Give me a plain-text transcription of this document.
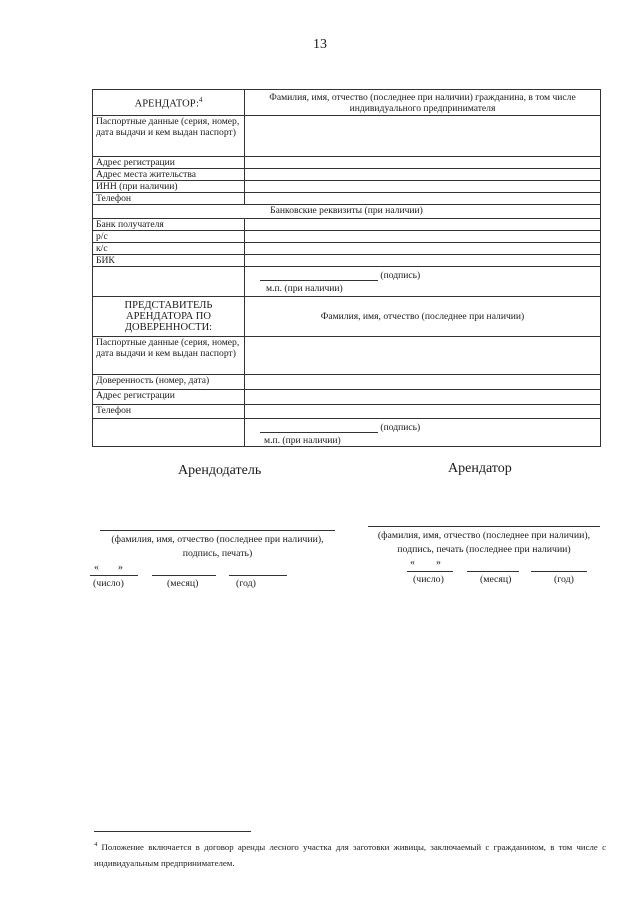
13
АРЕНДАТОР:$^4$	Фамилия, имя, отчество (последнее при наличии) гражданина, в том числе индивидуального предпринимателя
Паспортные данные (серия, номер, дата выдачи и кем выдан паспорт)	
Адрес регистрации	
Адрес места жительства	
ИНН (при наличии)	
Телефон	
Банковские реквизиты (при наличии)	
Банк получателя	
р/с	
к/с	
БИК	

	(подпись)
м.п. (при наличии)

ПРЕДСТАВИТЕЛЬ АРЕНДАТОРА ПО ДОВЕРЕННОСТИ:	Фамилия, имя, отчество (последнее при наличии)
Паспортные данные (серия, номер, дата выдачи и кем выдан паспорт)	
Доверенность (номер, дата)	
Адрес регистрации	
Телефон	

	(подпись)
м.п. (при наличии)
Арендодатель
(фамилия, имя, отчество (последнее при наличии), подпись, печать)
« »
(число)	(месяц)	(год)
Арендатор
(фамилия, имя, отчество (последнее при наличии), подпись, печать (последнее при наличии)
« »
(число)	(месяц)	(год)
$^4$ Положение включается в договор аренды лесного участка для заготовки живицы, заключаемый с гражданином, в том числе с индивидуальным предпринимателем.
